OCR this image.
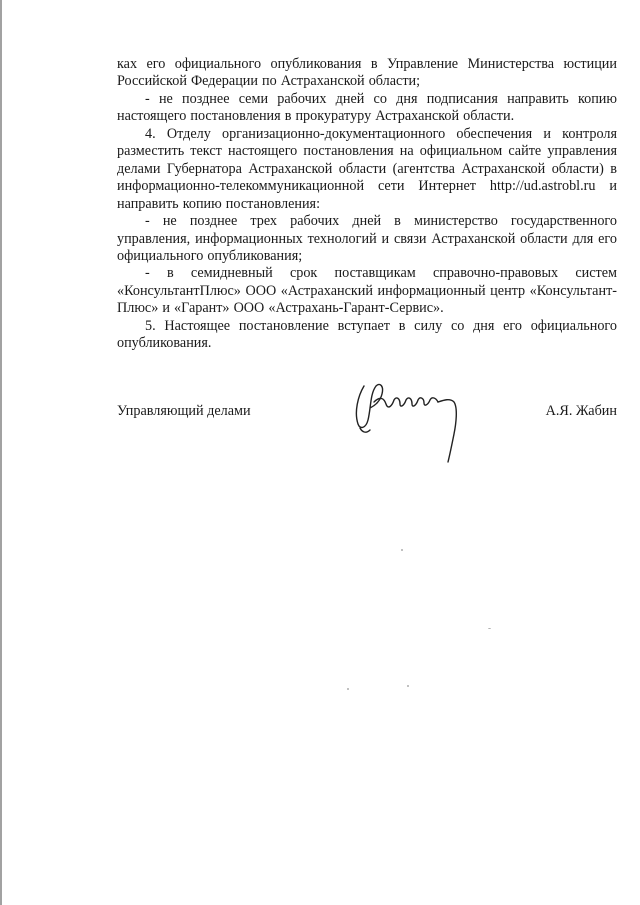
ках его официального опубликования в Управление Министерства юстиции Российской Федерации по Астраханской области;

- не позднее семи рабочих дней со дня подписания направить копию настоящего постановления в прокуратуру Астраханской области.

4. Отделу организационно-документационного обеспечения и контроля разместить текст настоящего постановления на официальном сайте управления делами Губернатора Астраханской области (агентства Астраханской области) в информационно-телекоммуникационной сети Интернет http://ud.astrobl.ru и направить копию постановления:

- не позднее трех рабочих дней в министерство государственного управления, информационных технологий и связи Астраханской области для его официального опубликования;

- в семидневный срок поставщикам справочно-правовых систем «КонсультантПлюс» ООО «Астраханский информационный центр «Консультант-Плюс» и «Гарант» ООО «Астрахань-Гарант-Сервис».

5. Настоящее постановление вступает в силу со дня его официального опубликования.

Управляющий делами	А.Я. Жабин
